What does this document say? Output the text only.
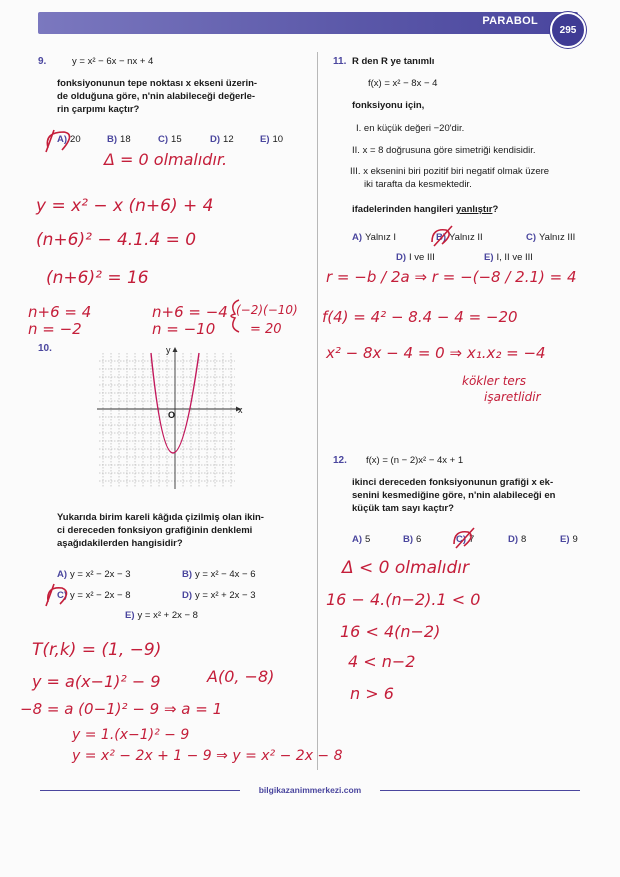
PARABOL
295
9.	y = x² − 6x − nx + 4
fonksiyonunun tepe noktası x ekseni üzerin-
de olduğuna göre, n'nin alabileceği değerle-
rin çarpımı kaçtır?
A) 20	B) 18	C) 15	D) 12	E) 10
Δ = 0 olmalıdır.
y = x² − x (n+6) + 4
(n+6)² − 4.1.4 = 0
(n+6)² = 16
n+6 = 4
n = −2
n+6 = −4
n = −10
(−2)(−10)
= 20
10.
x
y
O
Yukarıda birim kareli kâğıda çizilmiş olan ikin-
ci dereceden fonksiyon grafiğinin denklemi
aşağıdakilerden hangisidir?
A) y = x² − 2x − 3	B) y = x² − 4x − 6
C) y = x² − 2x − 8	D) y = x² + 2x − 3
E) y = x² + 2x − 8
T(r,k) = (1, −9)
A(0, −8)
y = a(x−1)² − 9
−8 = a (0−1)² − 9 ⇒ a = 1
y = 1.(x−1)² − 9
y = x² − 2x + 1 − 9 ⇒ y = x² − 2x − 8
11. R den R ye tanımlı
f(x) = x² − 8x − 4
fonksiyonu için,
I. en küçük değeri −20'dir.
II. x = 8 doğrusuna göre simetriği kendisidir.
III. x eksenini biri pozitif biri negatif olmak üzere
iki tarafta da kesmektedir.
ifadelerinden hangileri yanlıştır?
A) Yalnız I	B) Yalnız II	C) Yalnız III
D) I ve III	E) I, II ve III
r = −b / 2a ⇒ r = −(−8 / 2.1) = 4
f(4) = 4² − 8.4 − 4 = −20
x² − 8x − 4 = 0 ⇒ x₁.x₂ = −4
kökler ters
işaretlidir
12. f(x) = (n − 2)x² − 4x + 1
ikinci dereceden fonksiyonunun grafiği x ek-
senini kesmediğine göre, n'nin alabileceği en
küçük tam sayı kaçtır?
A) 5	B) 6	C) 7	D) 8	E) 9
Δ < 0 olmalıdır
16 − 4.(n−2).1 < 0
16 < 4(n−2)
4 < n−2
n > 6
bilgikazanimmerkezi.com
